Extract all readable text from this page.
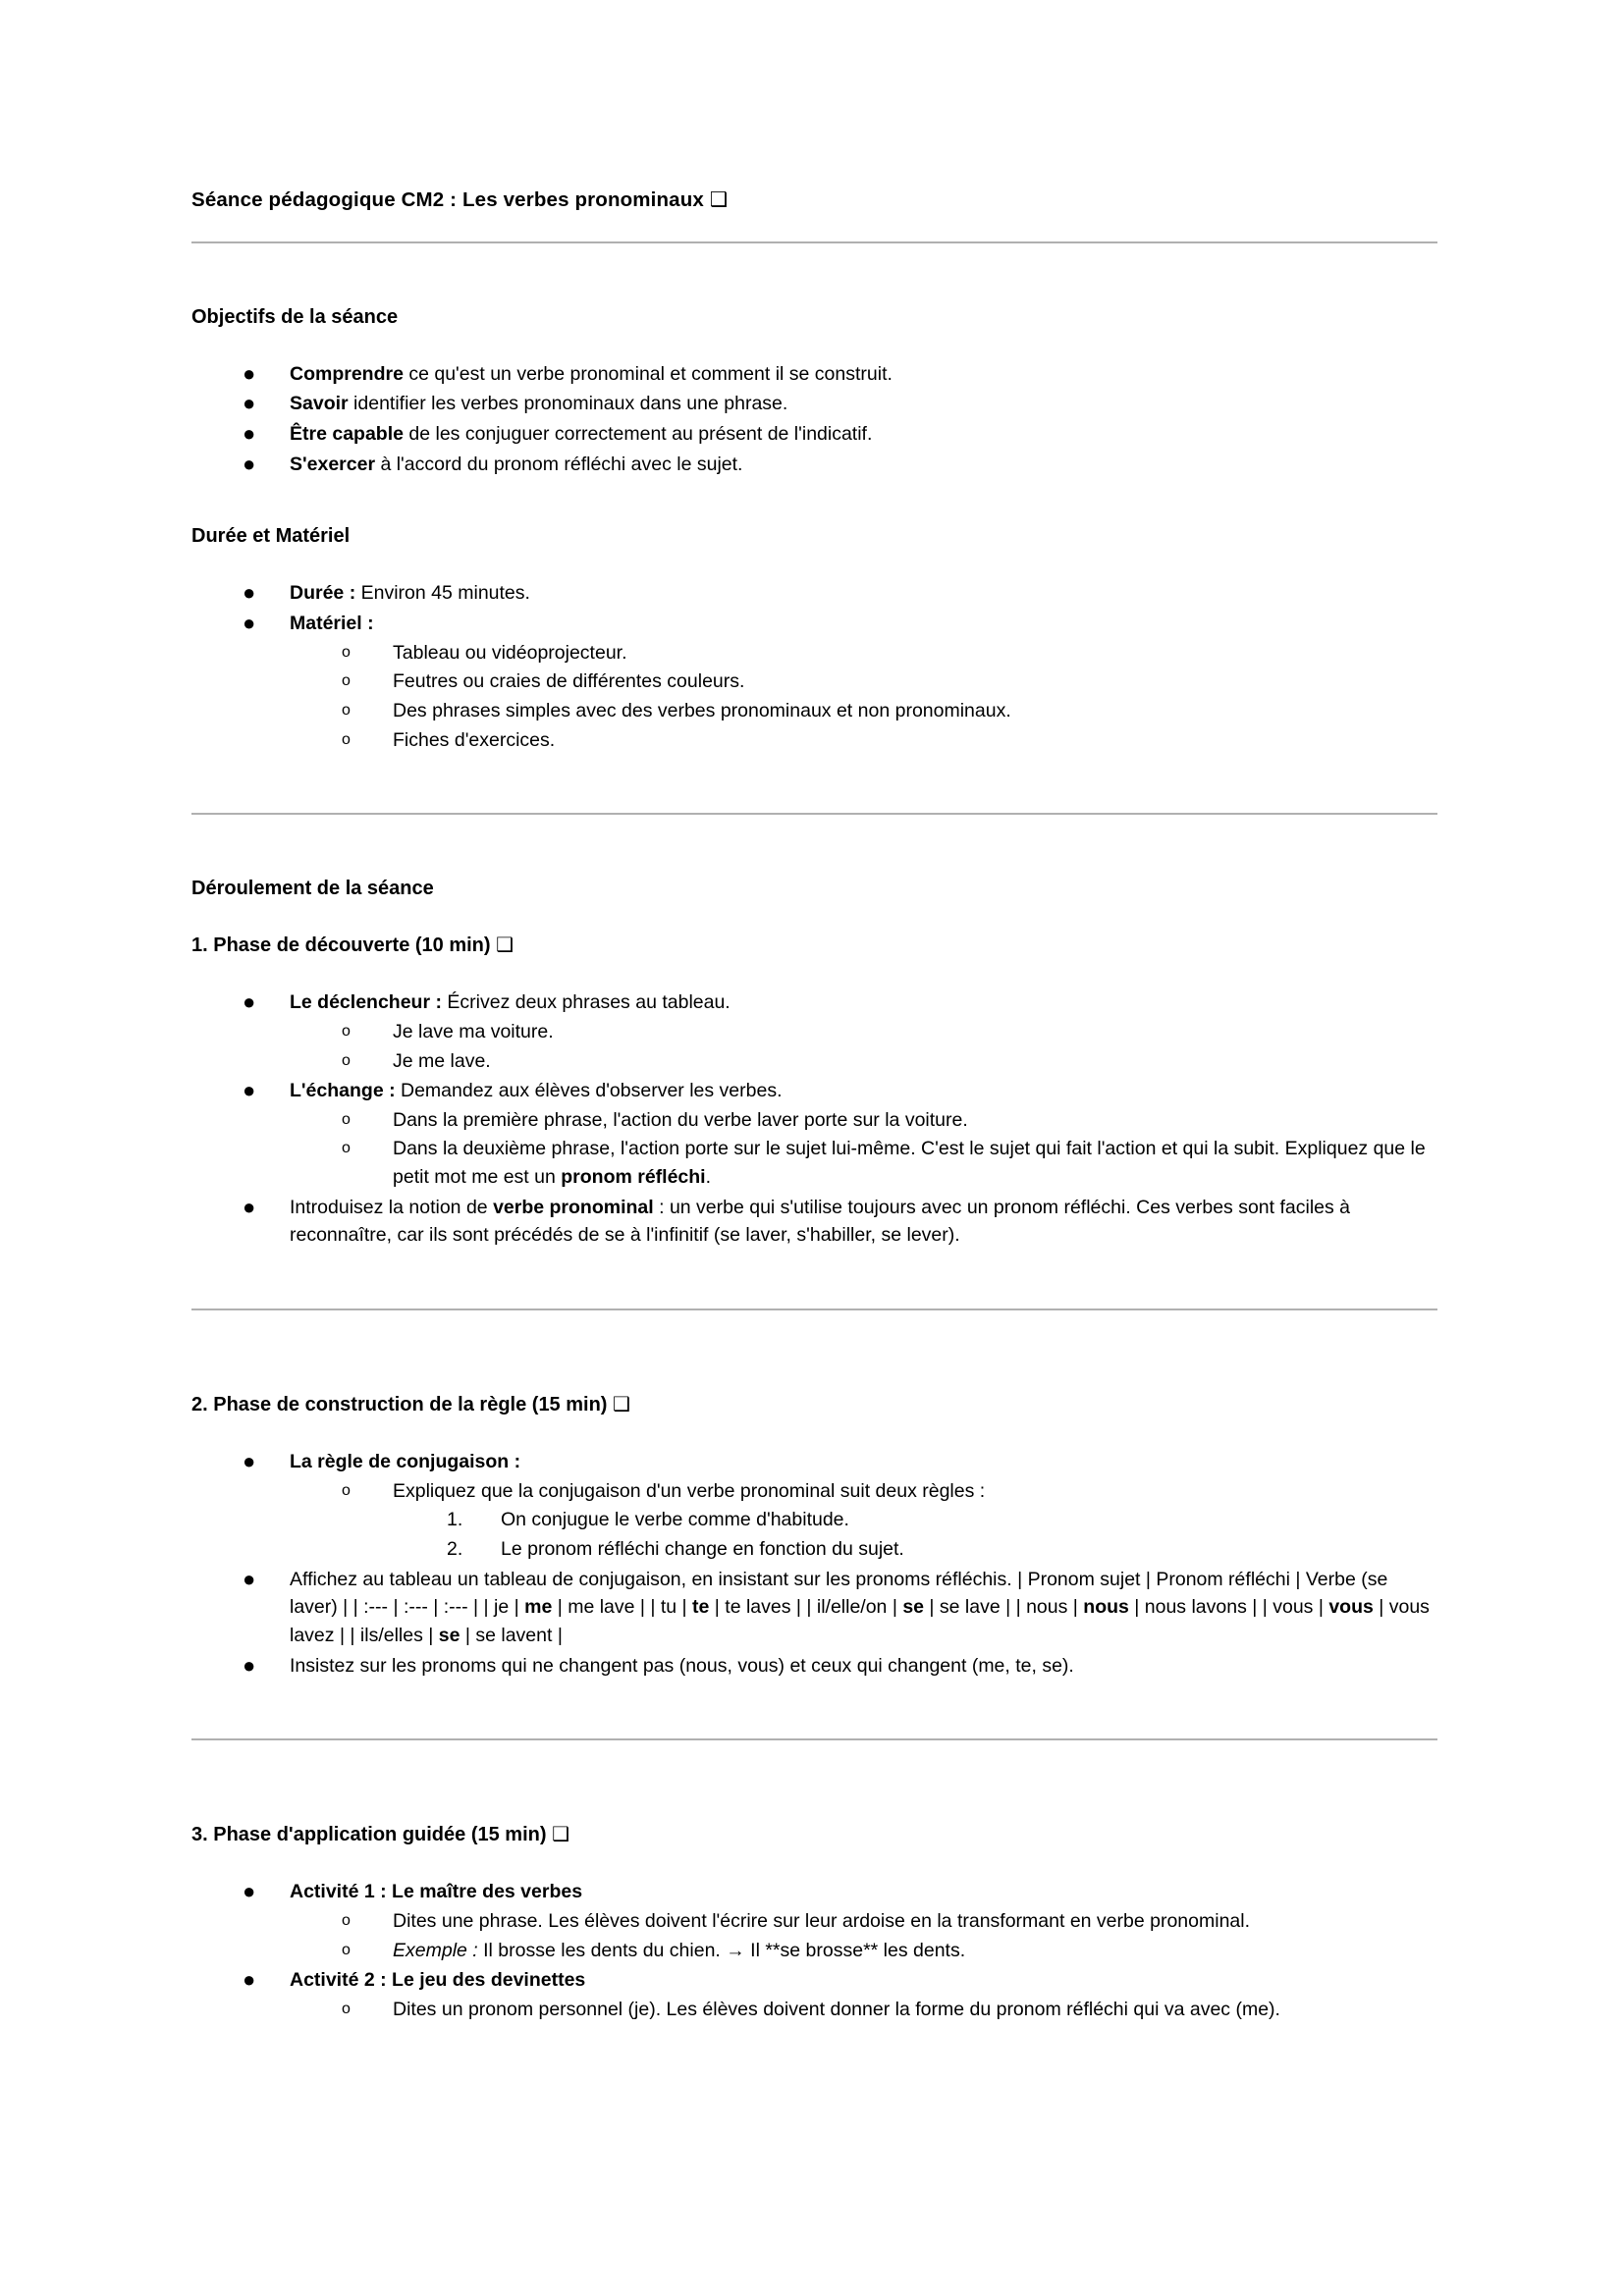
Séance pédagogique CM2 : Les verbes pronominaux ❑
Objectifs de la séance
● Comprendre ce qu'est un verbe pronominal et comment il se construit.
● Savoir identifier les verbes pronominaux dans une phrase.
● Être capable de les conjuguer correctement au présent de l'indicatif.
● S'exercer à l'accord du pronom réfléchi avec le sujet.
Durée et Matériel
● Durée : Environ 45 minutes.
● Matériel :
o Tableau ou vidéoprojecteur.
o Feutres ou craies de différentes couleurs.
o Des phrases simples avec des verbes pronominaux et non pronominaux.
o Fiches d'exercices.
Déroulement de la séance
1. Phase de découverte (10 min) ❑
● Le déclencheur : Écrivez deux phrases au tableau.
o Je lave ma voiture.
o Je me lave.
● L'échange : Demandez aux élèves d'observer les verbes.
o Dans la première phrase, l'action du verbe laver porte sur la voiture.
o Dans la deuxième phrase, l'action porte sur le sujet lui-même. C'est le sujet qui fait l'action et qui la subit. Expliquez que le petit mot me est un pronom réfléchi.
● Introduisez la notion de verbe pronominal : un verbe qui s'utilise toujours avec un pronom réfléchi. Ces verbes sont faciles à reconnaître, car ils sont précédés de se à l'infinitif (se laver, s'habiller, se lever).
2. Phase de construction de la règle (15 min) ❑
● La règle de conjugaison :
o Expliquez que la conjugaison d'un verbe pronominal suit deux règles :
1. On conjugue le verbe comme d'habitude.
2. Le pronom réfléchi change en fonction du sujet.
● Affichez au tableau un tableau de conjugaison, en insistant sur les pronoms réfléchis. | Pronom sujet | Pronom réfléchi | Verbe (se laver) | | :--- | :--- | :--- | | je | me | me lave | | tu | te | te laves | | il/elle/on | se | se lave | | nous | nous | nous lavons | | vous | vous | vous lavez | | ils/elles | se | se lavent |
● Insistez sur les pronoms qui ne changent pas (nous, vous) et ceux qui changent (me, te, se).
3. Phase d'application guidée (15 min) ❑
● Activité 1 : Le maître des verbes
o Dites une phrase. Les élèves doivent l'écrire sur leur ardoise en la transformant en verbe pronominal.
o Exemple : Il brosse les dents du chien. → Il **se brosse** les dents.
● Activité 2 : Le jeu des devinettes
o Dites un pronom personnel (je). Les élèves doivent donner la forme du pronom réfléchi qui va avec (me).
